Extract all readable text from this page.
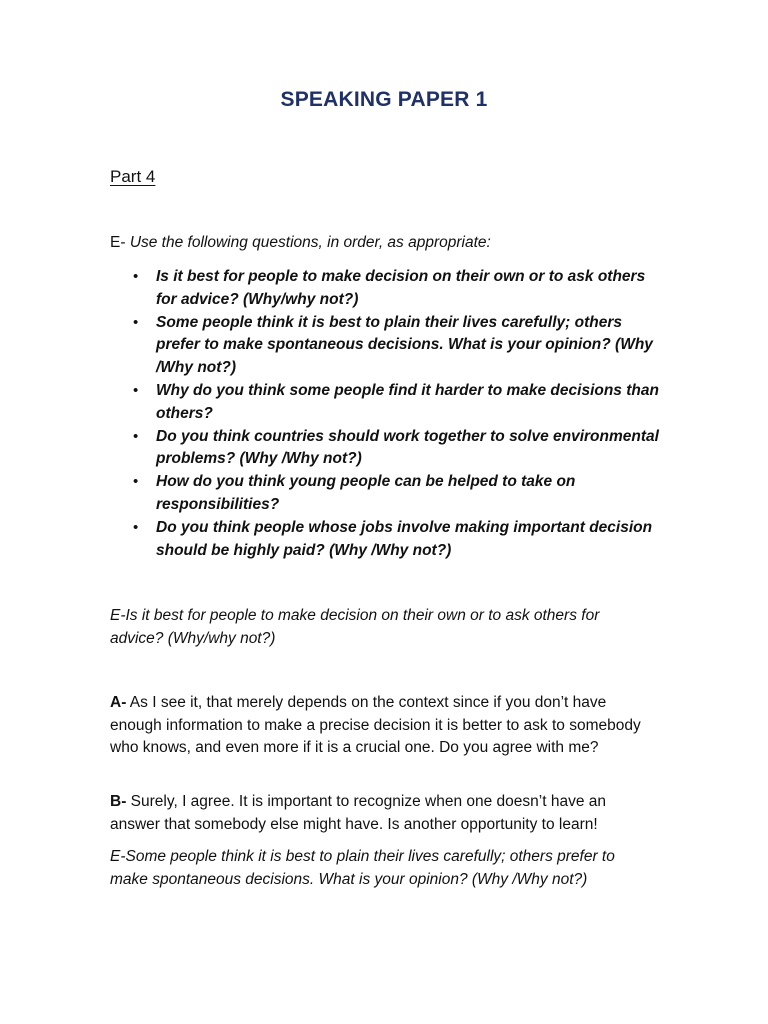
SPEAKING PAPER 1
Part 4
E- Use the following questions, in order, as appropriate:
• Is it best for people to make decision on their own or to ask others for advice? (Why/why not?)
• Some people think it is best to plain their lives carefully; others prefer to make spontaneous decisions. What is your opinion? (Why /Why not?)
• Why do you think some people find it harder to make decisions than others?
• Do you think countries should work together to solve environmental problems? (Why /Why not?)
• How do you think young people can be helped to take on responsibilities?
• Do you think people whose jobs involve making important decision should be highly paid? (Why /Why not?)
E-Is it best for people to make decision on their own or to ask others for advice? (Why/why not?)
A- As I see it, that merely depends on the context since if you don’t have enough information to make a precise decision it is better to ask to somebody who knows, and even more if it is a crucial one. Do you agree with me?
B- Surely, I agree. It is important to recognize when one doesn’t have an answer that somebody else might have. Is another opportunity to learn!
E-Some people think it is best to plain their lives carefully; others prefer to make spontaneous decisions. What is your opinion? (Why /Why not?)
